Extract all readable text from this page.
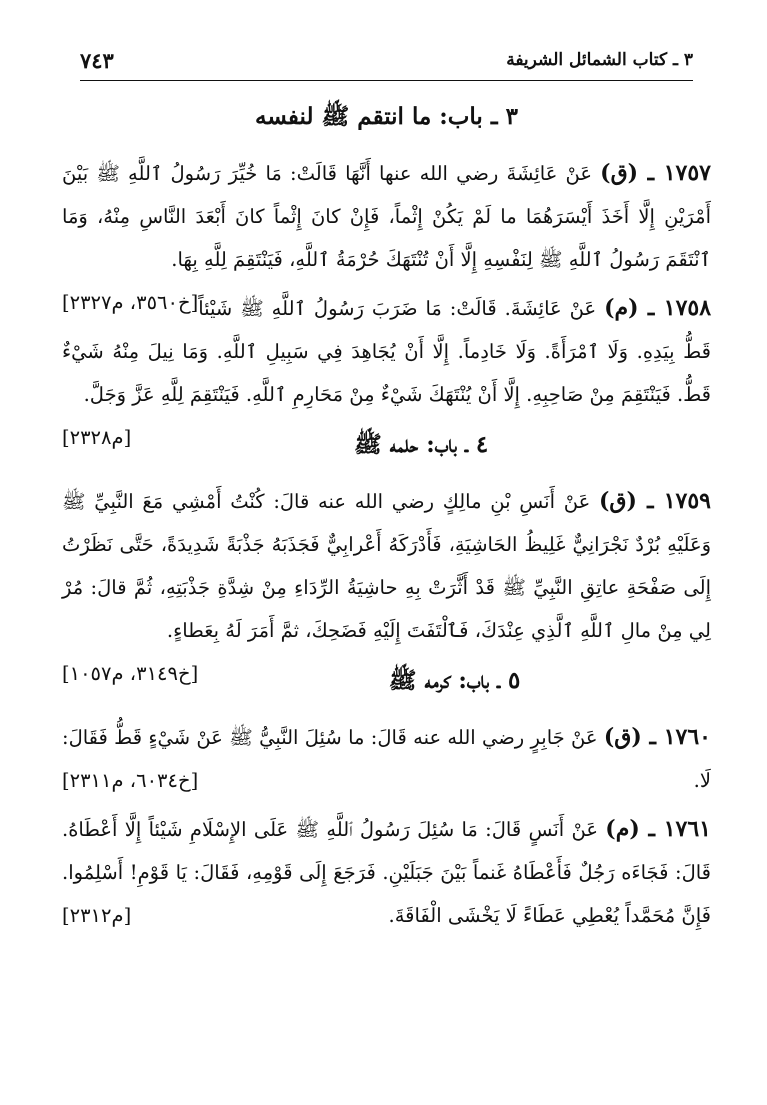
٣ ـ كتاب الشمائل الشريفة
٧٤٣
٣ ـ باب: ما انتقم ﷺ لنفسه

١٧٥٧ ـ (ق) عَنْ عَائِشَةَ رضي الله عنها أَنَّهَا قَالَتْ: مَا خُيِّرَ رَسُولُ ٱللَّهِ ﷺ بَيْنَ أَمْرَيْنِ إِلَّا أَخَذَ أَيْسَرَهُمَا ما لَمْ يَكُنْ إِثْماً، فَإِنْ كانَ إِثْماً كانَ أَبْعَدَ النَّاسِ مِنْهُ، وَمَا ٱنْتَقَمَ رَسُولُ ٱللَّهِ ﷺ لِنَفْسِهِ إِلَّا أَنْ تُنْتَهَكَ حُرْمَةُ ٱللَّهِ، فَيَنْتَقِمَ لِلَّهِ بِهَا.
[خ٣٥٦٠، م٢٣٢٧]	١٧٥٨ ـ (م) عَنْ عَائِشَةَ. قَالَتْ: مَا ضَرَبَ رَسُولُ ٱللَّهِ ﷺ شَيْئاً قَطُّ بِيَدِهِ. وَلَا ٱمْرَأَةً. وَلَا خَادِماً. إِلَّا أَنْ يُجَاهِدَ فِي سَبِيلِ ٱللَّهِ. وَمَا نِيلَ مِنْهُ شَيْءٌ قَطُّ. فَيَنْتَقِمَ مِنْ صَاحِبِهِ. إِلَّا أَنْ يُنْتَهَكَ شَيْءٌ مِنْ مَحَارِمِ ٱللَّهِ. فَيَنْتَقِمَ لِلَّهِ عَزَّ وَجَلَّ.
[م٢٣٢٨]	٤ ـ باب: حلمه ﷺ

١٧٥٩ ـ (ق) عَنْ أَنَسِ بْنِ مالِكٍ رضي الله عنه قالَ: كُنْتُ أَمْشِي مَعَ النَّبِيِّ ﷺ وَعَلَيْهِ بُرْدٌ نَجْرَانِيٌّ غَلِيظُ الحَاشِيَةِ، فَأَدْرَكَهُ أَعْرابِيٌّ فَجَذَبَهُ جَذْبَةً شَدِيدَةً، حَتَّى نَظَرْتُ إِلَى صَفْحَةِ عاتِقِ النَّبِيِّ ﷺ قَدْ أَثَّرَتْ بِهِ حاشِيَةُ الرِّدَاءِ مِنْ شِدَّةِ جَذْبَتِهِ، ثُمَّ قالَ: مُرْ لِي مِنْ مالِ ٱللَّهِ ٱلَّذِي عِنْدَكَ، فَٱلْتَفَتَ إِلَيْهِ فَضَحِكَ، ثمَّ أَمَرَ لَهُ بِعَطاءٍ.
[خ٣١٤٩، م١٠٥٧]	٥ ـ باب: كرمه ﷺ

١٧٦٠ ـ (ق) عَنْ جَابِرٍ رضي الله عنه قَالَ: ما سُئِلَ النَّبِيُّ ﷺ عَنْ شَيْءٍ قَطُّ فَقَالَ: لَا.
[خ٦٠٣٤، م٢٣١١]

١٧٦١ ـ (م) عَنْ أَنَسٍ قَالَ: مَا سُئِلَ رَسُولُ ٱللَّهِ ﷺ عَلَى الإِسْلَامِ شَيْئاً إِلَّا أَعْطَاهُ. قَالَ: فَجَاءَه رَجُلٌ فَأَعْطَاهُ غَنماً بَيْنَ جَبَلَيْنِ. فَرَجَعَ إِلَى قَوْمِهِ، فَقَالَ: يَا قَوْمِ! أَسْلِمُوا. فَإِنَّ مُحَمَّداً يُعْطِي عَطَاءً لَا يَخْشَى الْفَاقَةَ.
[م٢٣١٢]
